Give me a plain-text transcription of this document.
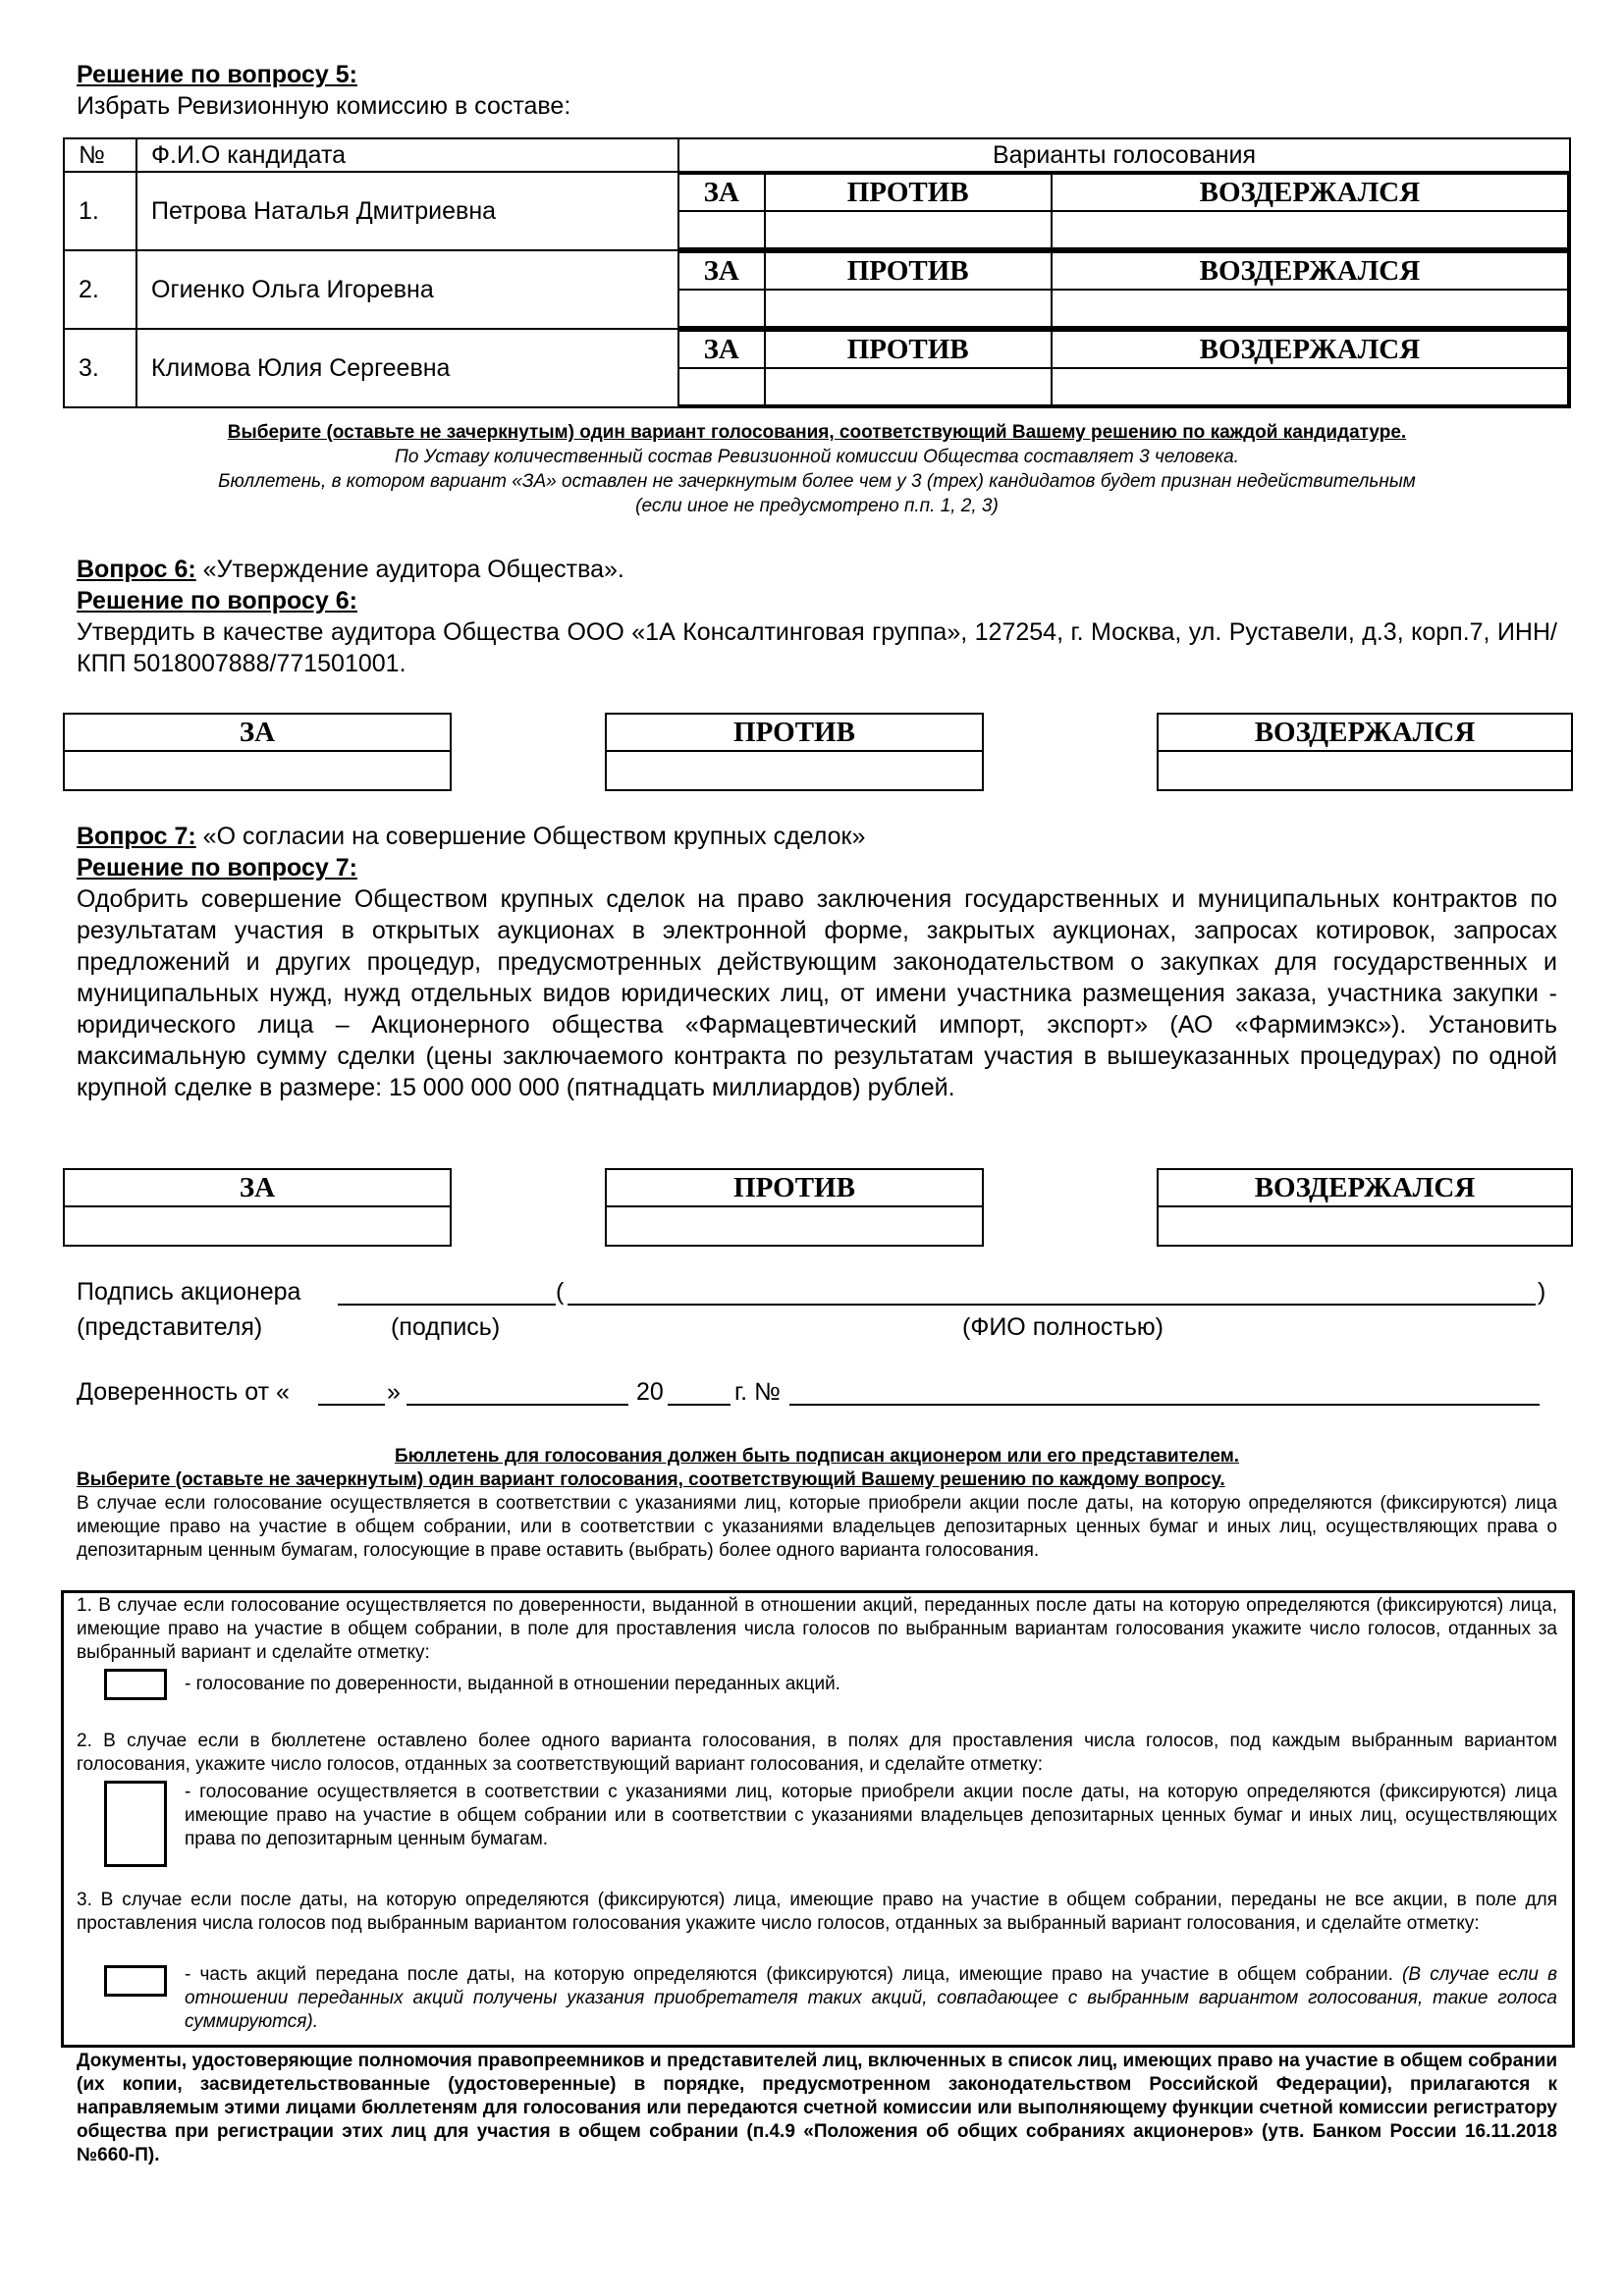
Решение по вопросу 5:
Избрать Ревизионную комиссию в составе:
№	Ф.И.О кандидата	Варианты голосования
1.	Петрова Наталья Дмитриевна	
ЗА	ПРОТИВ	ВОЗДЕРЖАЛСЯ

2.	Огиенко Ольга Игоревна	
ЗА	ПРОТИВ	ВОЗДЕРЖАЛСЯ

3.	Климова Юлия Сергеевна	
ЗА	ПРОТИВ	ВОЗДЕРЖАЛСЯ

Выберите (оставьте не зачеркнутым) один вариант голосования, соответствующий Вашему решению по каждой кандидатуре.
По Уставу количественный состав Ревизионной комиссии Общества составляет 3 человека.
Бюллетень, в котором вариант «ЗА» оставлен не зачеркнутым более чем у 3 (трех) кандидатов будет признан недействительным
(если иное не предусмотрено п.п. 1, 2, 3)
Вопрос 6: «Утверждение аудитора Общества».
Решение по вопросу 6:
Утвердить в качестве аудитора Общества ООО «1А Консалтинговая группа», 127254, г. Москва, ул. Руставели, д.3, корп.7, ИНН/КПП 5018007888/771501001.
ЗА	ПРОТИВ	ВОЗДЕРЖАЛСЯ
Вопрос 7: «О согласии на совершение Обществом крупных сделок»
Решение по вопросу 7:
Одобрить совершение Обществом крупных сделок на право заключения государственных и муниципальных контрактов по результатам участия в открытых аукционах в электронной форме, закрытых аукционах, запросах котировок, запросах предложений и других процедур, предусмотренных действующим законодательством о закупках для государственных и муниципальных нужд, нужд отдельных видов юридических лиц, от имени участника размещения заказа, участника закупки - юридического лица – Акционерного общества «Фармацевтический импорт, экспорт» (АО «Фармимэкс»). Установить максимальную сумму сделки (цены заключаемого контракта по результатам участия в вышеуказанных процедурах) по одной крупной сделке в размере: 15 000 000 000 (пятнадцать миллиардов) рублей.
ЗА	ПРОТИВ	ВОЗДЕРЖАЛСЯ
Подпись акционера	(	)
(представителя)	(подпись)	(ФИО полностью)
Доверенность от «	»	20	г. №
Бюллетень для голосования должен быть подписан акционером или его представителем.
Выберите (оставьте не зачеркнутым) один вариант голосования, соответствующий Вашему решению по каждому вопросу.
В случае если голосование осуществляется в соответствии с указаниями лиц, которые приобрели акции после даты, на которую определяются (фиксируются) лица имеющие право на участие в общем собрании, или в соответствии с указаниями владельцев депозитарных ценных бумаг и иных лиц, осуществляющих права о депозитарным ценным бумагам, голосующие в праве оставить (выбрать) более одного варианта голосования.
1. В случае если голосование осуществляется по доверенности, выданной в отношении акций, переданных после даты на которую определяются (фиксируются) лица, имеющие право на участие в общем собрании, в поле для проставления числа голосов по выбранным вариантам голосования укажите число голосов, отданных за выбранный вариант и сделайте отметку:
- голосование по доверенности, выданной в отношении переданных акций.
2. В случае если в бюллетене оставлено более одного варианта голосования, в полях для проставления числа голосов, под каждым выбранным вариантом голосования, укажите число голосов, отданных за соответствующий вариант голосования, и сделайте отметку:
- голосование осуществляется в соответствии с указаниями лиц, которые приобрели акции после даты, на которую определяются (фиксируются) лица имеющие право на участие в общем собрании или в соответствии с указаниями владельцев депозитарных ценных бумаг и иных лиц, осуществляющих права по депозитарным ценным бумагам.
3. В случае если после даты, на которую определяются (фиксируются) лица, имеющие право на участие в общем собрании, переданы не все акции, в поле для проставления числа голосов под выбранным вариантом голосования укажите число голосов, отданных за выбранный вариант голосования, и сделайте отметку:
- часть акций передана после даты, на которую определяются (фиксируются) лица, имеющие право на участие в общем собрании. (В случае если в отношении переданных акций получены указания приобретателя таких акций, совпадающее с выбранным вариантом голосования, такие голоса суммируются).
Документы, удостоверяющие полномочия правопреемников и представителей лиц, включенных в список лиц, имеющих право на участие в общем собрании (их копии, засвидетельствованные (удостоверенные) в порядке, предусмотренном законодательством Российской Федерации), прилагаются к направляемым этими лицами бюллетеням для голосования или передаются счетной комиссии или выполняющему функции счетной комиссии регистратору общества при регистрации этих лиц для участия в общем собрании (п.4.9 «Положения об общих собраниях акционеров» (утв. Банком России 16.11.2018 №660-П).
